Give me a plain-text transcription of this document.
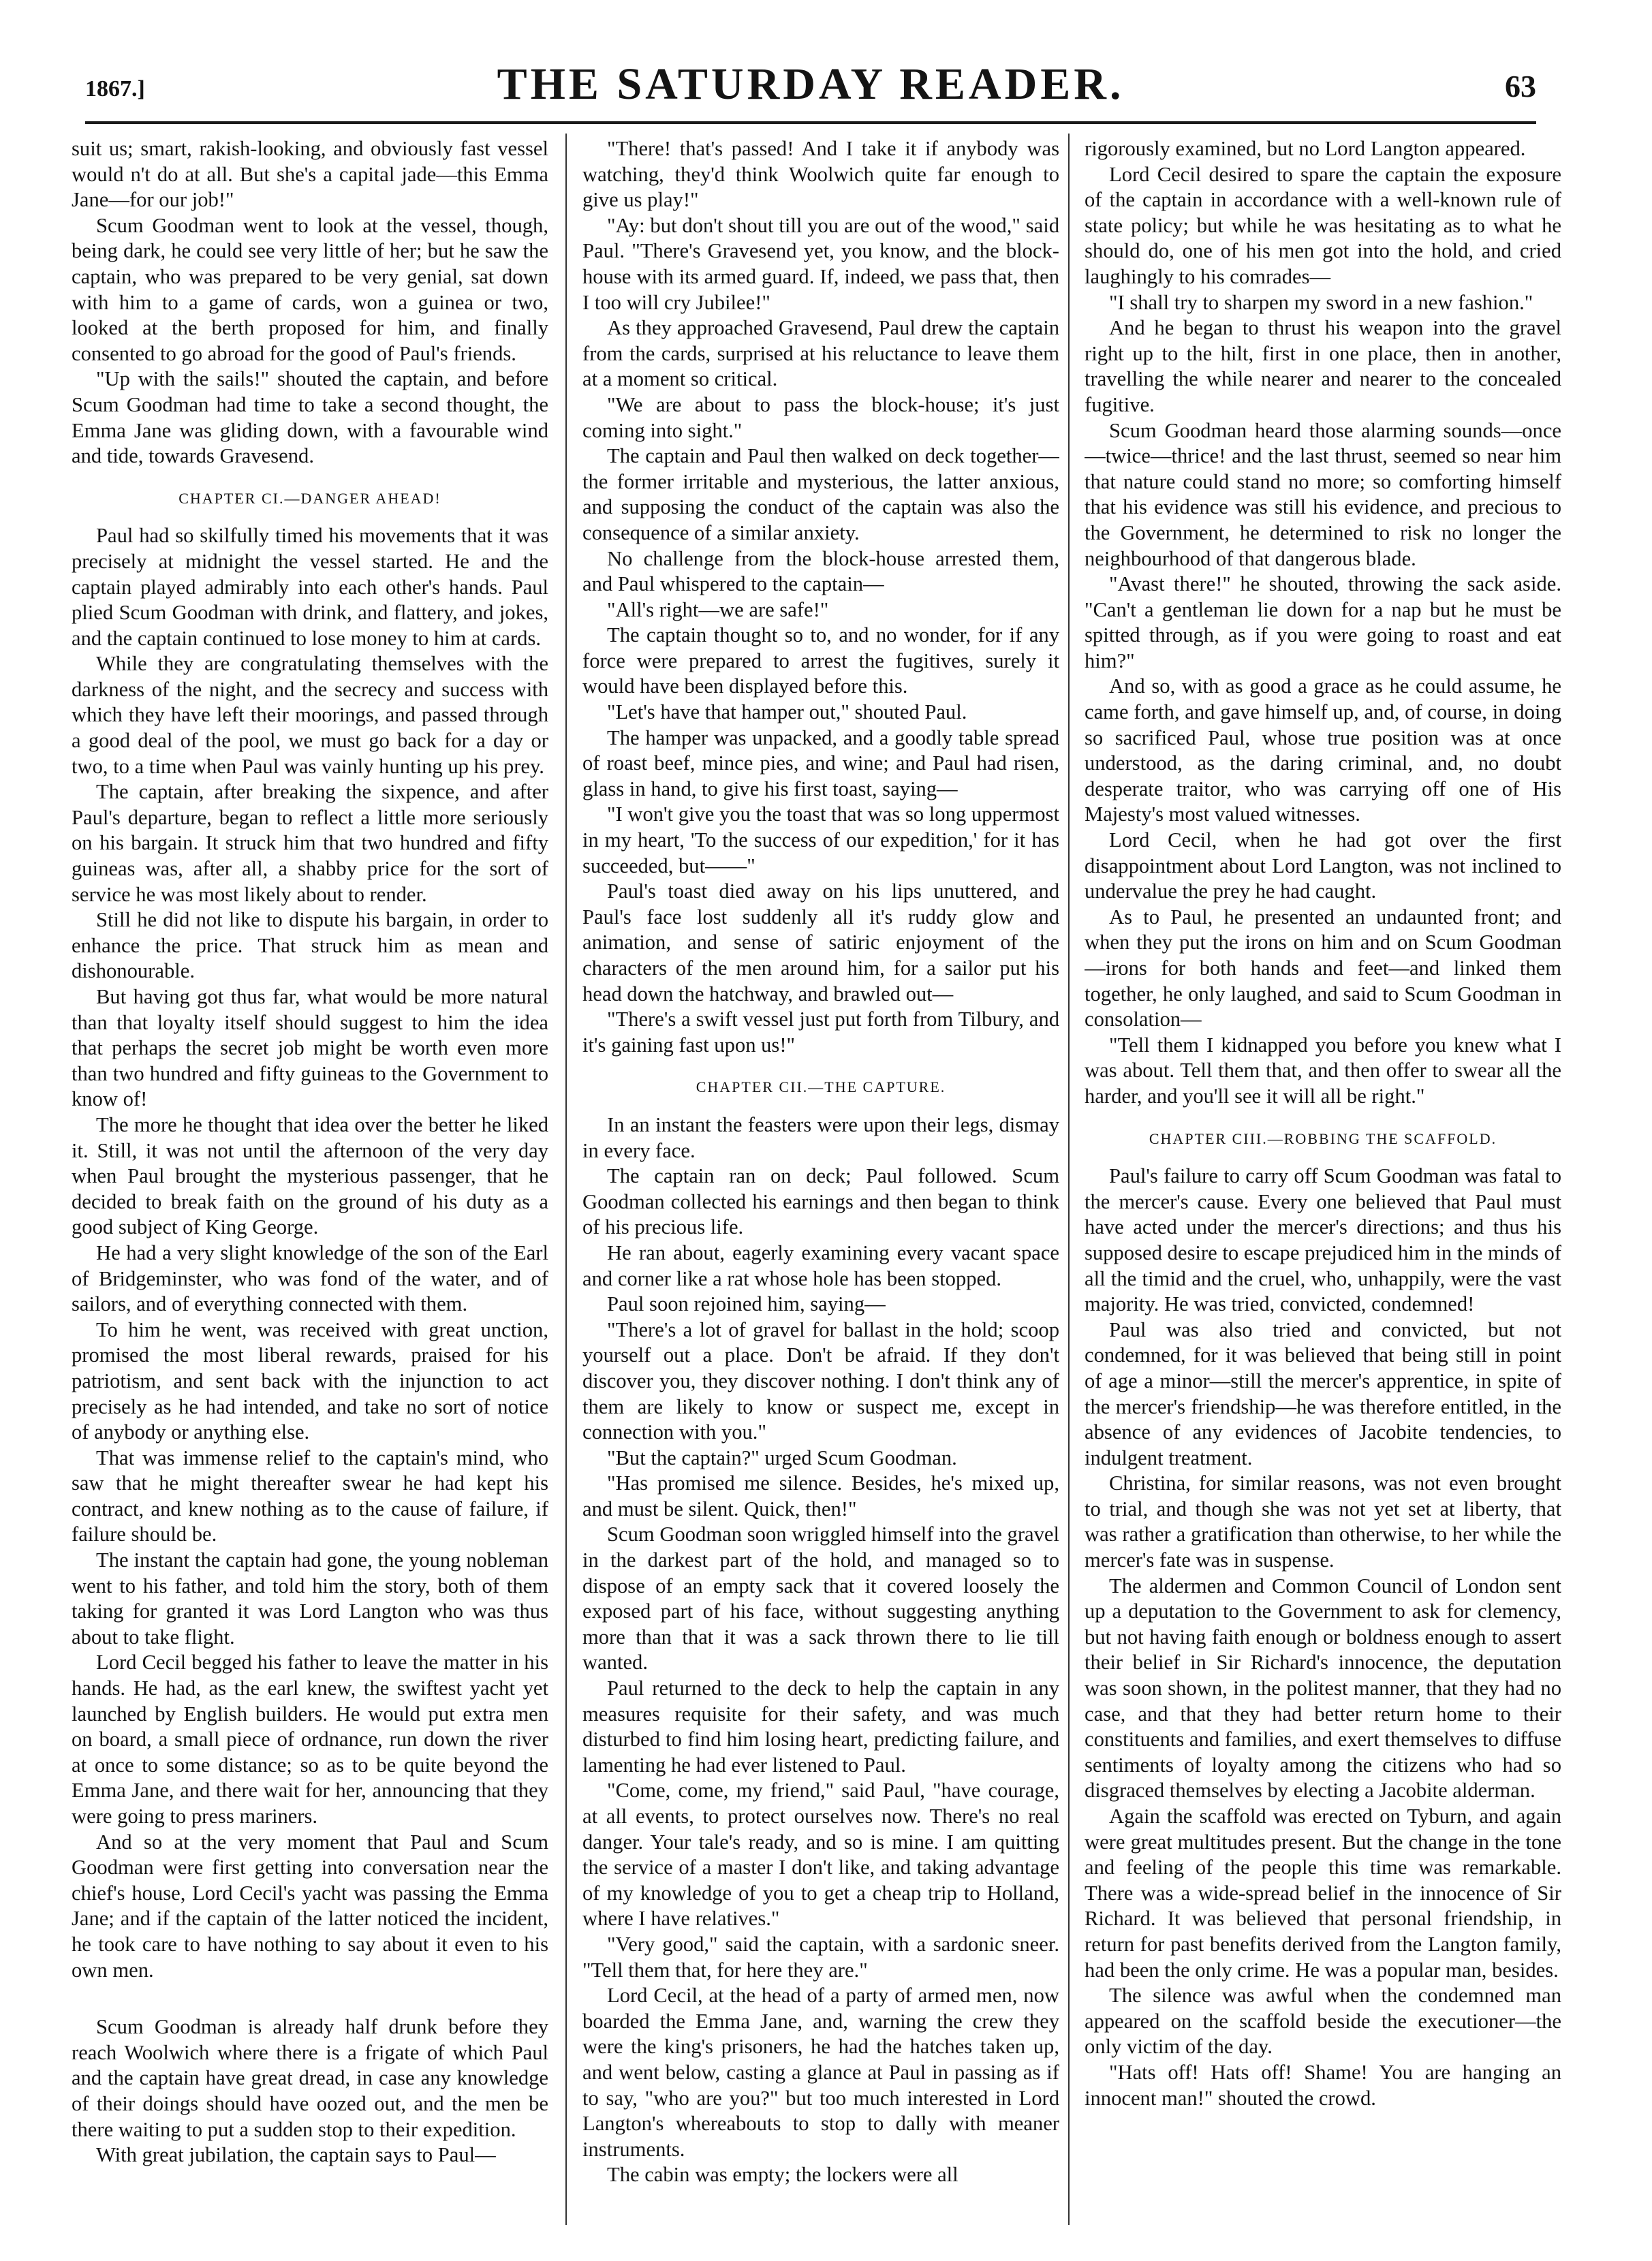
1867.]	THE SATURDAY READER.	63

suit us; smart, rakish-looking, and obviously fast vessel would n't do at all. But she's a capital jade—this Emma Jane—for our job!"

Scum Goodman went to look at the vessel, though, being dark, he could see very little of her; but he saw the captain, who was prepared to be very genial, sat down with him to a game of cards, won a guinea or two, looked at the berth proposed for him, and finally consented to go abroad for the good of Paul's friends.

"Up with the sails!" shouted the captain, and before Scum Goodman had time to take a second thought, the Emma Jane was gliding down, with a favourable wind and tide, towards Gravesend.

CHAPTER CI.—DANGER AHEAD!

Paul had so skilfully timed his movements that it was precisely at midnight the vessel started. He and the captain played admirably into each other's hands. Paul plied Scum Goodman with drink, and flattery, and jokes, and the captain continued to lose money to him at cards.

While they are congratulating themselves with the darkness of the night, and the secrecy and success with which they have left their moorings, and passed through a good deal of the pool, we must go back for a day or two, to a time when Paul was vainly hunting up his prey.

The captain, after breaking the sixpence, and after Paul's departure, began to reflect a little more seriously on his bargain. It struck him that two hundred and fifty guineas was, after all, a shabby price for the sort of service he was most likely about to render.

Still he did not like to dispute his bargain, in order to enhance the price. That struck him as mean and dishonourable.

But having got thus far, what would be more natural than that loyalty itself should suggest to him the idea that perhaps the secret job might be worth even more than two hundred and fifty guineas to the Government to know of!

The more he thought that idea over the better he liked it. Still, it was not until the afternoon of the very day when Paul brought the mysterious passenger, that he decided to break faith on the ground of his duty as a good subject of King George.

He had a very slight knowledge of the son of the Earl of Bridgeminster, who was fond of the water, and of sailors, and of everything connected with them.

To him he went, was received with great unction, promised the most liberal rewards, praised for his patriotism, and sent back with the injunction to act precisely as he had intended, and take no sort of notice of anybody or anything else.

That was immense relief to the captain's mind, who saw that he might thereafter swear he had kept his contract, and knew nothing as to the cause of failure, if failure should be.

The instant the captain had gone, the young nobleman went to his father, and told him the story, both of them taking for granted it was Lord Langton who was thus about to take flight.

Lord Cecil begged his father to leave the matter in his hands. He had, as the earl knew, the swiftest yacht yet launched by English builders. He would put extra men on board, a small piece of ordnance, run down the river at once to some distance; so as to be quite beyond the Emma Jane, and there wait for her, announcing that they were going to press mariners.

And so at the very moment that Paul and Scum Goodman were first getting into conversation near the chief's house, Lord Cecil's yacht was passing the Emma Jane; and if the captain of the latter noticed the incident, he took care to have nothing to say about it even to his own men.

Scum Goodman is already half drunk before they reach Woolwich where there is a frigate of which Paul and the captain have great dread, in case any knowledge of their doings should have oozed out, and the men be there waiting to put a sudden stop to their expedition.

With great jubilation, the captain says to Paul—

"There! that's passed! And I take it if anybody was watching, they'd think Woolwich quite far enough to give us play!"

"Ay: but don't shout till you are out of the wood," said Paul. "There's Gravesend yet, you know, and the block-house with its armed guard. If, indeed, we pass that, then I too will cry Jubilee!"

As they approached Gravesend, Paul drew the captain from the cards, surprised at his reluctance to leave them at a moment so critical.

"We are about to pass the block-house; it's just coming into sight."

The captain and Paul then walked on deck together—the former irritable and mysterious, the latter anxious, and supposing the conduct of the captain was also the consequence of a similar anxiety.

No challenge from the block-house arrested them, and Paul whispered to the captain—

"All's right—we are safe!"

The captain thought so to, and no wonder, for if any force were prepared to arrest the fugitives, surely it would have been displayed before this.

"Let's have that hamper out," shouted Paul.

The hamper was unpacked, and a goodly table spread of roast beef, mince pies, and wine; and Paul had risen, glass in hand, to give his first toast, saying—

"I won't give you the toast that was so long uppermost in my heart, 'To the success of our expedition,' for it has succeeded, but——"

Paul's toast died away on his lips unuttered, and Paul's face lost suddenly all it's ruddy glow and animation, and sense of satiric enjoyment of the characters of the men around him, for a sailor put his head down the hatchway, and brawled out—

"There's a swift vessel just put forth from Tilbury, and it's gaining fast upon us!"

CHAPTER CII.—THE CAPTURE.

In an instant the feasters were upon their legs, dismay in every face.

The captain ran on deck; Paul followed. Scum Goodman collected his earnings and then began to think of his precious life.

He ran about, eagerly examining every vacant space and corner like a rat whose hole has been stopped.

Paul soon rejoined him, saying—

"There's a lot of gravel for ballast in the hold; scoop yourself out a place. Don't be afraid. If they don't discover you, they discover nothing. I don't think any of them are likely to know or suspect me, except in connection with you."

"But the captain?" urged Scum Goodman.

"Has promised me silence. Besides, he's mixed up, and must be silent. Quick, then!"

Scum Goodman soon wriggled himself into the gravel in the darkest part of the hold, and managed so to dispose of an empty sack that it covered loosely the exposed part of his face, without suggesting anything more than that it was a sack thrown there to lie till wanted.

Paul returned to the deck to help the captain in any measures requisite for their safety, and was much disturbed to find him losing heart, predicting failure, and lamenting he had ever listened to Paul.

"Come, come, my friend," said Paul, "have courage, at all events, to protect ourselves now. There's no real danger. Your tale's ready, and so is mine. I am quitting the service of a master I don't like, and taking advantage of my knowledge of you to get a cheap trip to Holland, where I have relatives."

"Very good," said the captain, with a sardonic sneer. "Tell them that, for here they are."

Lord Cecil, at the head of a party of armed men, now boarded the Emma Jane, and, warning the crew they were the king's prisoners, he had the hatches taken up, and went below, casting a glance at Paul in passing as if to say, "who are you?" but too much interested in Lord Langton's whereabouts to stop to dally with meaner instruments.

The cabin was empty; the lockers were all

rigorously examined, but no Lord Langton appeared.

Lord Cecil desired to spare the captain the exposure of the captain in accordance with a well-known rule of state policy; but while he was hesitating as to what he should do, one of his men got into the hold, and cried laughingly to his comrades—

"I shall try to sharpen my sword in a new fashion."

And he began to thrust his weapon into the gravel right up to the hilt, first in one place, then in another, travelling the while nearer and nearer to the concealed fugitive.

Scum Goodman heard those alarming sounds—once—twice—thrice! and the last thrust, seemed so near him that nature could stand no more; so comforting himself that his evidence was still his evidence, and precious to the Government, he determined to risk no longer the neighbourhood of that dangerous blade.

"Avast there!" he shouted, throwing the sack aside. "Can't a gentleman lie down for a nap but he must be spitted through, as if you were going to roast and eat him?"

And so, with as good a grace as he could assume, he came forth, and gave himself up, and, of course, in doing so sacrificed Paul, whose true position was at once understood, as the daring criminal, and, no doubt desperate traitor, who was carrying off one of His Majesty's most valued witnesses.

Lord Cecil, when he had got over the first disappointment about Lord Langton, was not inclined to undervalue the prey he had caught.

As to Paul, he presented an undaunted front; and when they put the irons on him and on Scum Goodman—irons for both hands and feet—and linked them together, he only laughed, and said to Scum Goodman in consolation—

"Tell them I kidnapped you before you knew what I was about. Tell them that, and then offer to swear all the harder, and you'll see it will all be right."

CHAPTER CIII.—ROBBING THE SCAFFOLD.

Paul's failure to carry off Scum Goodman was fatal to the mercer's cause. Every one believed that Paul must have acted under the mercer's directions; and thus his supposed desire to escape prejudiced him in the minds of all the timid and the cruel, who, unhappily, were the vast majority. He was tried, convicted, condemned!

Paul was also tried and convicted, but not condemned, for it was believed that being still in point of age a minor—still the mercer's apprentice, in spite of the mercer's friendship—he was therefore entitled, in the absence of any evidences of Jacobite tendencies, to indulgent treatment.

Christina, for similar reasons, was not even brought to trial, and though she was not yet set at liberty, that was rather a gratification than otherwise, to her while the mercer's fate was in suspense.

The aldermen and Common Council of London sent up a deputation to the Government to ask for clemency, but not having faith enough or boldness enough to assert their belief in Sir Richard's innocence, the deputation was soon shown, in the politest manner, that they had no case, and that they had better return home to their constituents and families, and exert themselves to diffuse sentiments of loyalty among the citizens who had so disgraced themselves by electing a Jacobite alderman.

Again the scaffold was erected on Tyburn, and again were great multitudes present. But the change in the tone and feeling of the people this time was remarkable. There was a wide-spread belief in the innocence of Sir Richard. It was believed that personal friendship, in return for past benefits derived from the Langton family, had been the only crime. He was a popular man, besides.

The silence was awful when the condemned man appeared on the scaffold beside the executioner—the only victim of the day.

"Hats off! Hats off! Shame! You are hanging an innocent man!" shouted the crowd.
